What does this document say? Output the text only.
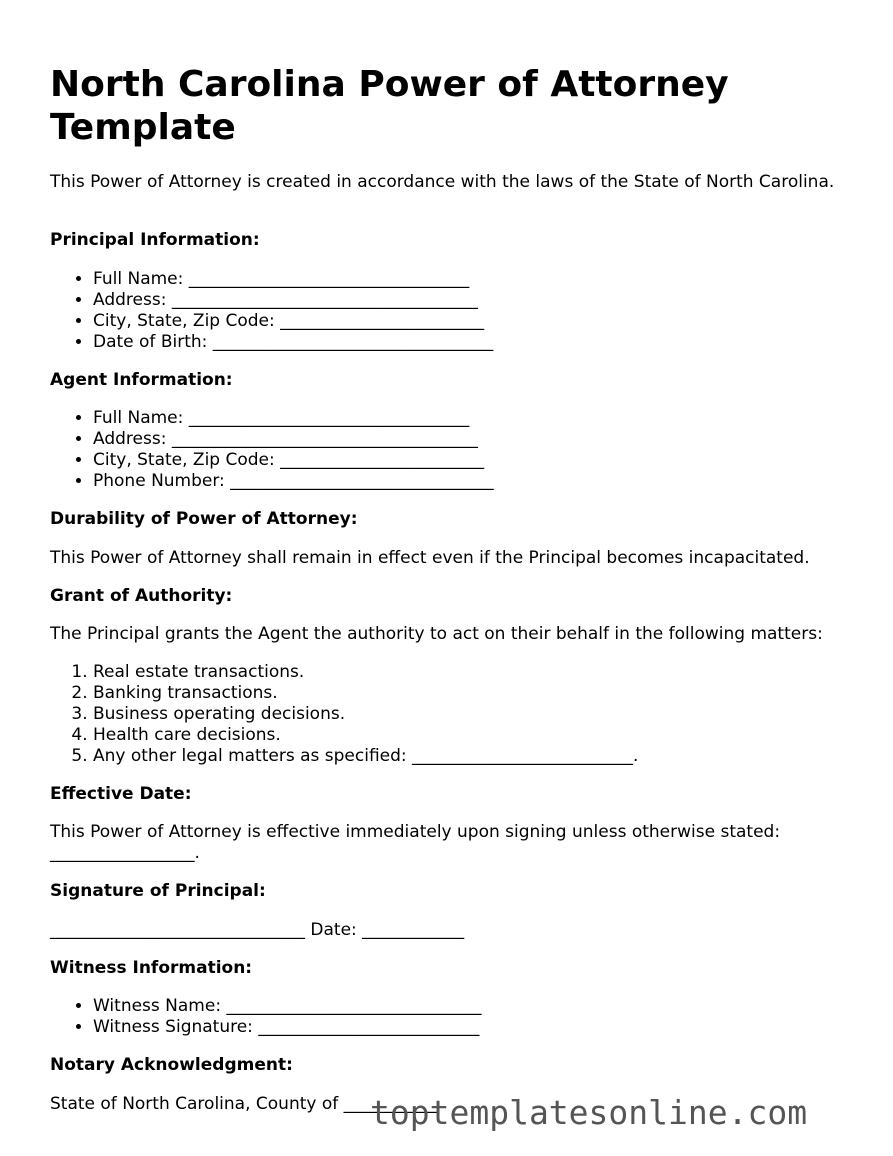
North Carolina Power of Attorney Template

This Power of Attorney is created in accordance with the laws of the State of North Carolina.

Principal Information:

• Full Name: _________________________________
• Address: ____________________________________
• City, State, Zip Code: ________________________
• Date of Birth: _________________________________

Agent Information:

• Full Name: _________________________________
• Address: ____________________________________
• City, State, Zip Code: ________________________
• Phone Number: _______________________________

Durability of Power of Attorney:

This Power of Attorney shall remain in effect even if the Principal becomes incapacitated.

Grant of Authority:

The Principal grants the Agent the authority to act on their behalf in the following matters:

1. Real estate transactions.
2. Banking transactions.
3. Business operating decisions.
4. Health care decisions.
5. Any other legal matters as specified: __________________________.

Effective Date:

This Power of Attorney is effective immediately upon signing unless otherwise stated: _________________.

Signature of Principal:

______________________________ Date: ____________

Witness Information:

• Witness Name: ______________________________
• Witness Signature: __________________________

Notary Acknowledgment:

State of North Carolina, County of ___________

toptemplatesonline.com
